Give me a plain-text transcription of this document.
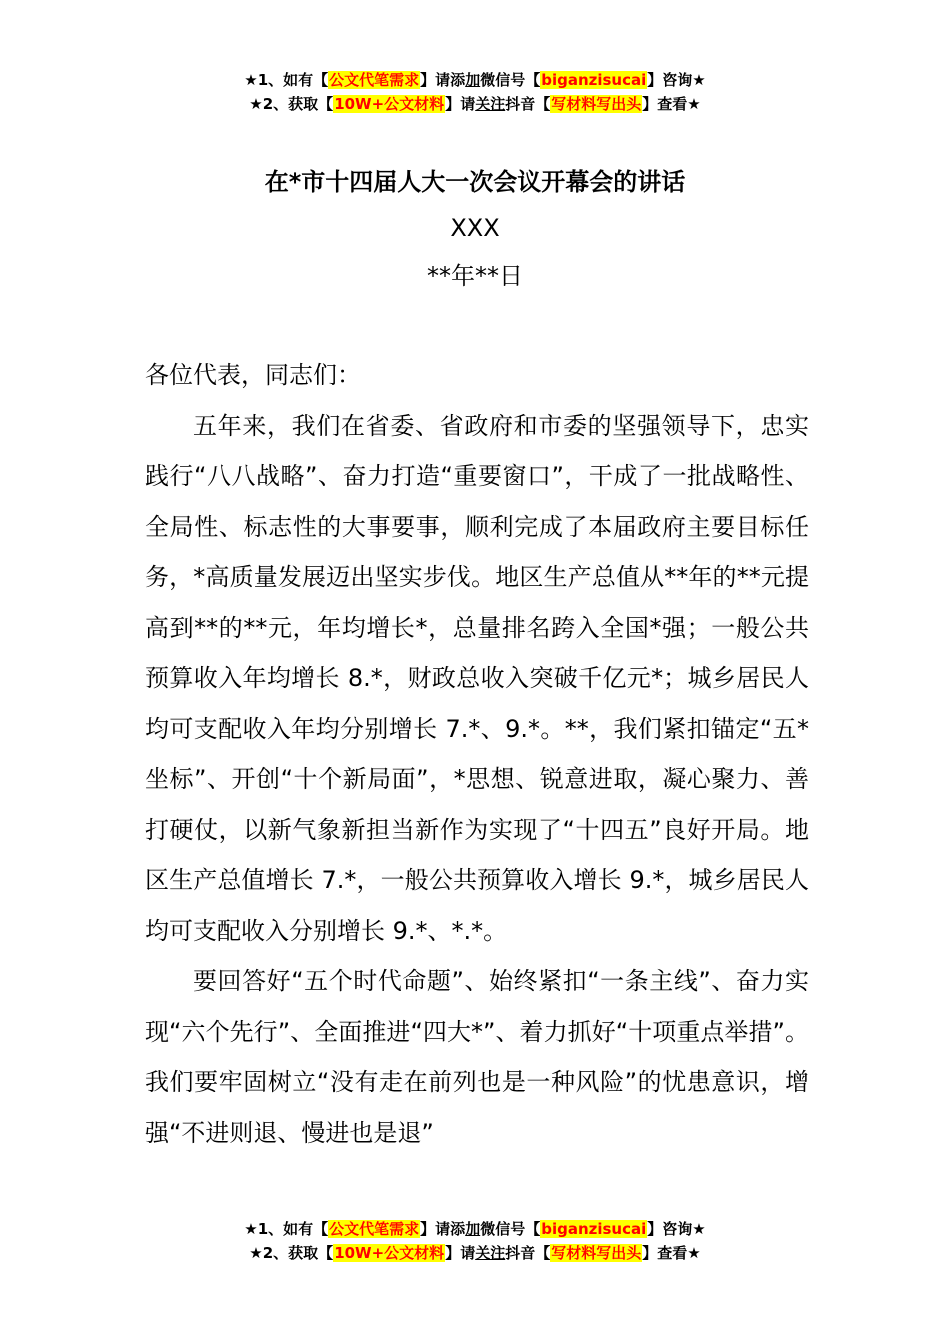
★1、如有【公文代笔需求】请添加微信号【biganzisucai】咨询★
★2、获取【10W+公文材料】请关注抖音【写材料写出头】查看★
在*市十四届人大一次会议开幕会的讲话
XXX
**年**日

各位代表，同志们：

五年来，我们在省委、省政府和市委的坚强领导下，忠实践行“八八战略”、奋力打造“重要窗口”，干成了一批战略性、全局性、标志性的大事要事，顺利完成了本届政府主要目标任务，*高质量发展迈出坚实步伐。地区生产总值从**年的**元提高到**的**元，年均增长*，总量排名跨入全国*强；一般公共预算收入年均增长 8.*，财政总收入突破千亿元*；城乡居民人均可支配收入年均分别增长 7.*、9.*。**，我们紧扣锚定“五*坐标”、开创“十个新局面”，*思想、锐意进取，凝心聚力、善打硬仗，以新气象新担当新作为实现了“十四五”良好开局。地区生产总值增长 7.*，一般公共预算收入增长 9.*，城乡居民人均可支配收入分别增长 9.*、*.*。

要回答好“五个时代命题”、始终紧扣“一条主线”、奋力实现“六个先行”、全面推进“四大*”、着力抓好“十项重点举措”。我们要牢固树立“没有走在前列也是一种风险”的忧患意识，增强“不进则退、慢进也是退”

★1、如有【公文代笔需求】请添加微信号【biganzisucai】咨询★
★2、获取【10W+公文材料】请关注抖音【写材料写出头】查看★
